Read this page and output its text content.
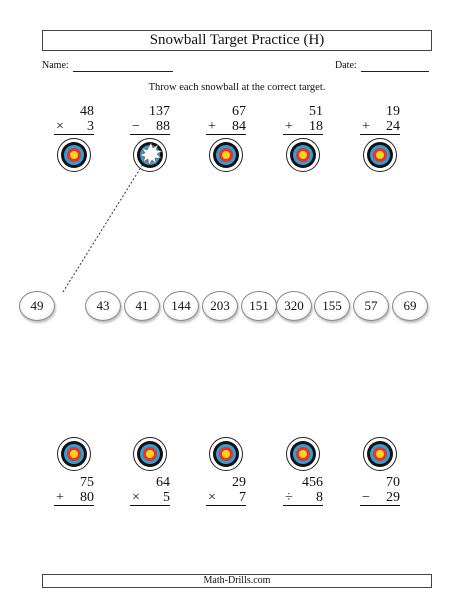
Snowball Target Practice (H)
Name:	Date:
Throw each snowball at the correct target.
48
× 3
137
− 88
67
+ 84
51
+ 18
19
+ 24
49	43	41	144	203	151	320	155	57	69
75
+ 80
64
× 5
29
× 7
456
÷ 8
70
− 29
Math-Drills.com
